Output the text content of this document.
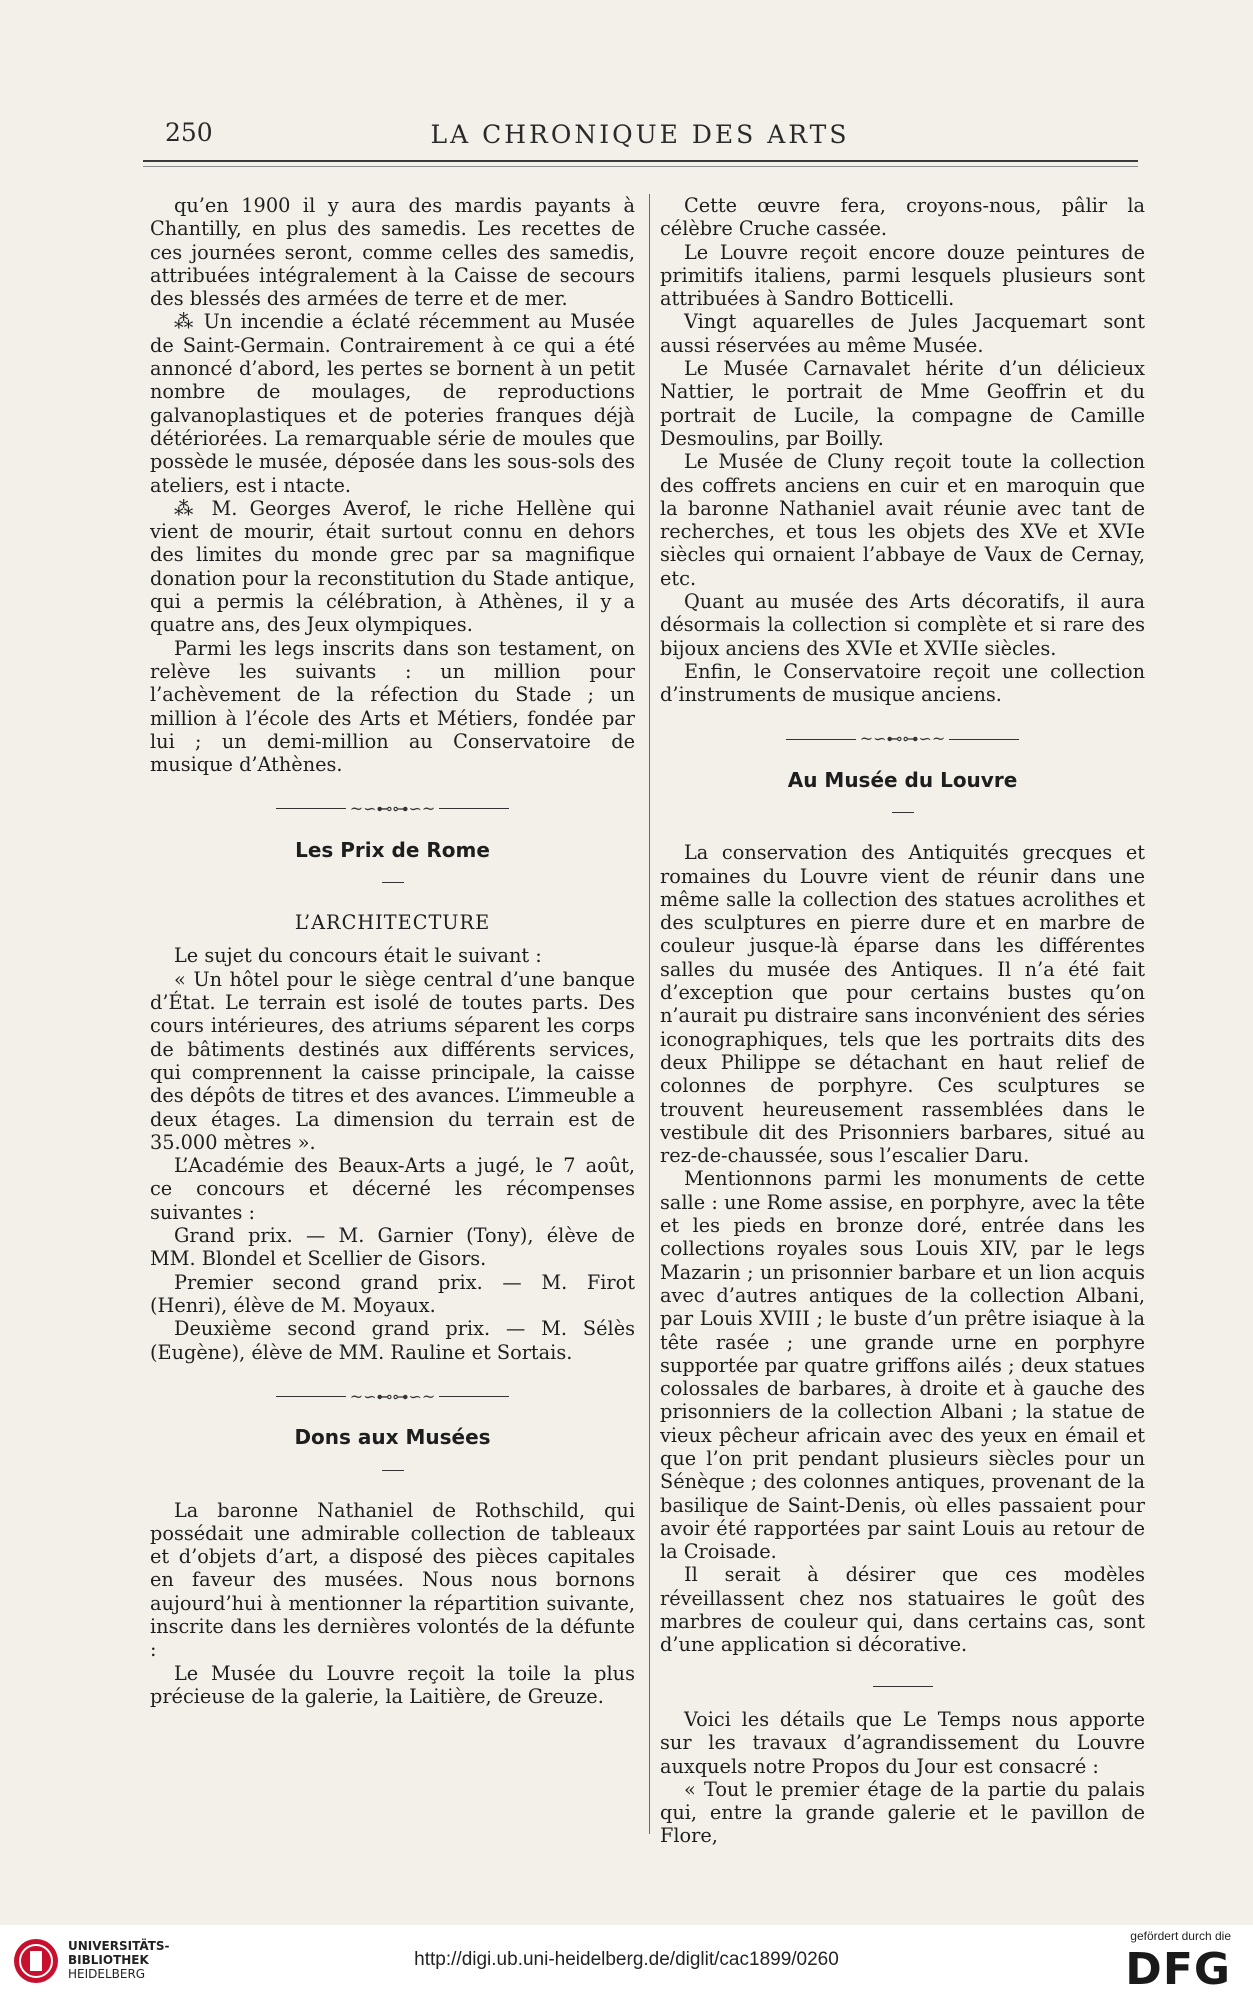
250	LA CHRONIQUE DES ARTS

qu’en 1900 il y aura des mardis payants à Chantilly, en plus des samedis. Les recettes de ces journées seront, comme celles des samedis, attribuées intégralement à la Caisse de secours des blessés des armées de terre et de mer.

⁂ Un incendie a éclaté récemment au Musée de Saint-Germain. Contrairement à ce qui a été annoncé d’abord, les pertes se bornent à un petit nombre de moulages, de reproductions galvanoplastiques et de poteries franques déjà détériorées. La remarquable série de moules que possède le musée, déposée dans les sous-sols des ateliers, est i ntacte.

⁂ M. Georges Averof, le riche Hellène qui vient de mourir, était surtout connu en dehors des limites du monde grec par sa magnifique donation pour la reconstitution du Stade antique, qui a permis la célébration, à Athènes, il y a quatre ans, des Jeux olympiques.

Parmi les legs inscrits dans son testament, on relève les suivants : un million pour l’achèvement de la réfection du Stade ; un million à l’école des Arts et Métiers, fondée par lui ; un demi-million au Conservatoire de musique d’Athènes.

~∽⊷⊶∽~
Les Prix de Rome
L’ARCHITECTURE

Le sujet du concours était le suivant :

« Un hôtel pour le siège central d’une banque d’État. Le terrain est isolé de toutes parts. Des cours intérieures, des atriums séparent les corps de bâtiments destinés aux différents services, qui comprennent la caisse principale, la caisse des dépôts de titres et des avances. L’immeuble a deux étages. La dimension du terrain est de 35.000 mètres ».

L’Académie des Beaux-Arts a jugé, le 7 août, ce concours et décerné les récompenses suivantes :

Grand prix. — M. Garnier (Tony), élève de MM. Blondel et Scellier de Gisors.

Premier second grand prix. — M. Firot (Henri), élève de M. Moyaux.

Deuxième second grand prix. — M. Sélès (Eugène), élève de MM. Rauline et Sortais.

~∽⊷⊶∽~
Dons aux Musées

La baronne Nathaniel de Rothschild, qui possédait une admirable collection de tableaux et d’objets d’art, a disposé des pièces capitales en faveur des musées. Nous nous bornons aujourd’hui à mentionner la répartition suivante, inscrite dans les dernières volontés de la défunte :

Le Musée du Louvre reçoit la toile la plus précieuse de la galerie, la Laitière, de Greuze.

Cette œuvre fera, croyons-nous, pâlir la célèbre Cruche cassée.

Le Louvre reçoit encore douze peintures de primitifs italiens, parmi lesquels plusieurs sont attribuées à Sandro Botticelli.

Vingt aquarelles de Jules Jacquemart sont aussi réservées au même Musée.

Le Musée Carnavalet hérite d’un délicieux Nattier, le portrait de Mme Geoffrin et du portrait de Lucile, la compagne de Camille Desmoulins, par Boilly.

Le Musée de Cluny reçoit toute la collection des coffrets anciens en cuir et en maroquin que la baronne Nathaniel avait réunie avec tant de recherches, et tous les objets des XVe et XVIe siècles qui ornaient l’abbaye de Vaux de Cernay, etc.

Quant au musée des Arts décoratifs, il aura désormais la collection si complète et si rare des bijoux anciens des XVIe et XVIIe siècles.

Enfin, le Conservatoire reçoit une collection d’instruments de musique anciens.

~∽⊷⊶∽~
Au Musée du Louvre

La conservation des Antiquités grecques et romaines du Louvre vient de réunir dans une même salle la collection des statues acrolithes et des sculptures en pierre dure et en marbre de couleur jusque-là éparse dans les différentes salles du musée des Antiques. Il n’a été fait d’exception que pour certains bustes qu’on n’aurait pu distraire sans inconvénient des séries iconographiques, tels que les portraits dits des deux Philippe se détachant en haut relief de colonnes de porphyre. Ces sculptures se trouvent heureusement rassemblées dans le vestibule dit des Prisonniers barbares, situé au rez-de-chaussée, sous l’escalier Daru.

Mentionnons parmi les monuments de cette salle : une Rome assise, en porphyre, avec la tête et les pieds en bronze doré, entrée dans les collections royales sous Louis XIV, par le legs Mazarin ; un prisonnier barbare et un lion acquis avec d’autres antiques de la collection Albani, par Louis XVIII ; le buste d’un prêtre isiaque à la tête rasée ; une grande urne en porphyre supportée par quatre griffons ailés ; deux statues colossales de barbares, à droite et à gauche des prisonniers de la collection Albani ; la statue de vieux pêcheur africain avec des yeux en émail et que l’on prit pendant plusieurs siècles pour un Sénèque ; des colonnes antiques, provenant de la basilique de Saint-Denis, où elles passaient pour avoir été rapportées par saint Louis au retour de la Croisade.

Il serait à désirer que ces modèles réveillassent chez nos statuaires le goût des marbres de couleur qui, dans certains cas, sont d’une application si décorative.

Voici les détails que Le Temps nous apporte sur les travaux d’agrandissement du Louvre auxquels notre Propos du Jour est consacré :

« Tout le premier étage de la partie du palais qui, entre la grande galerie et le pavillon de Flore,

UNIVERSITÄTS-
BIBLIOTHEK
HEIDELBERG
http://digi.ub.uni-heidelberg.de/diglit/cac1899/0260
gefördert durch die
DFG
